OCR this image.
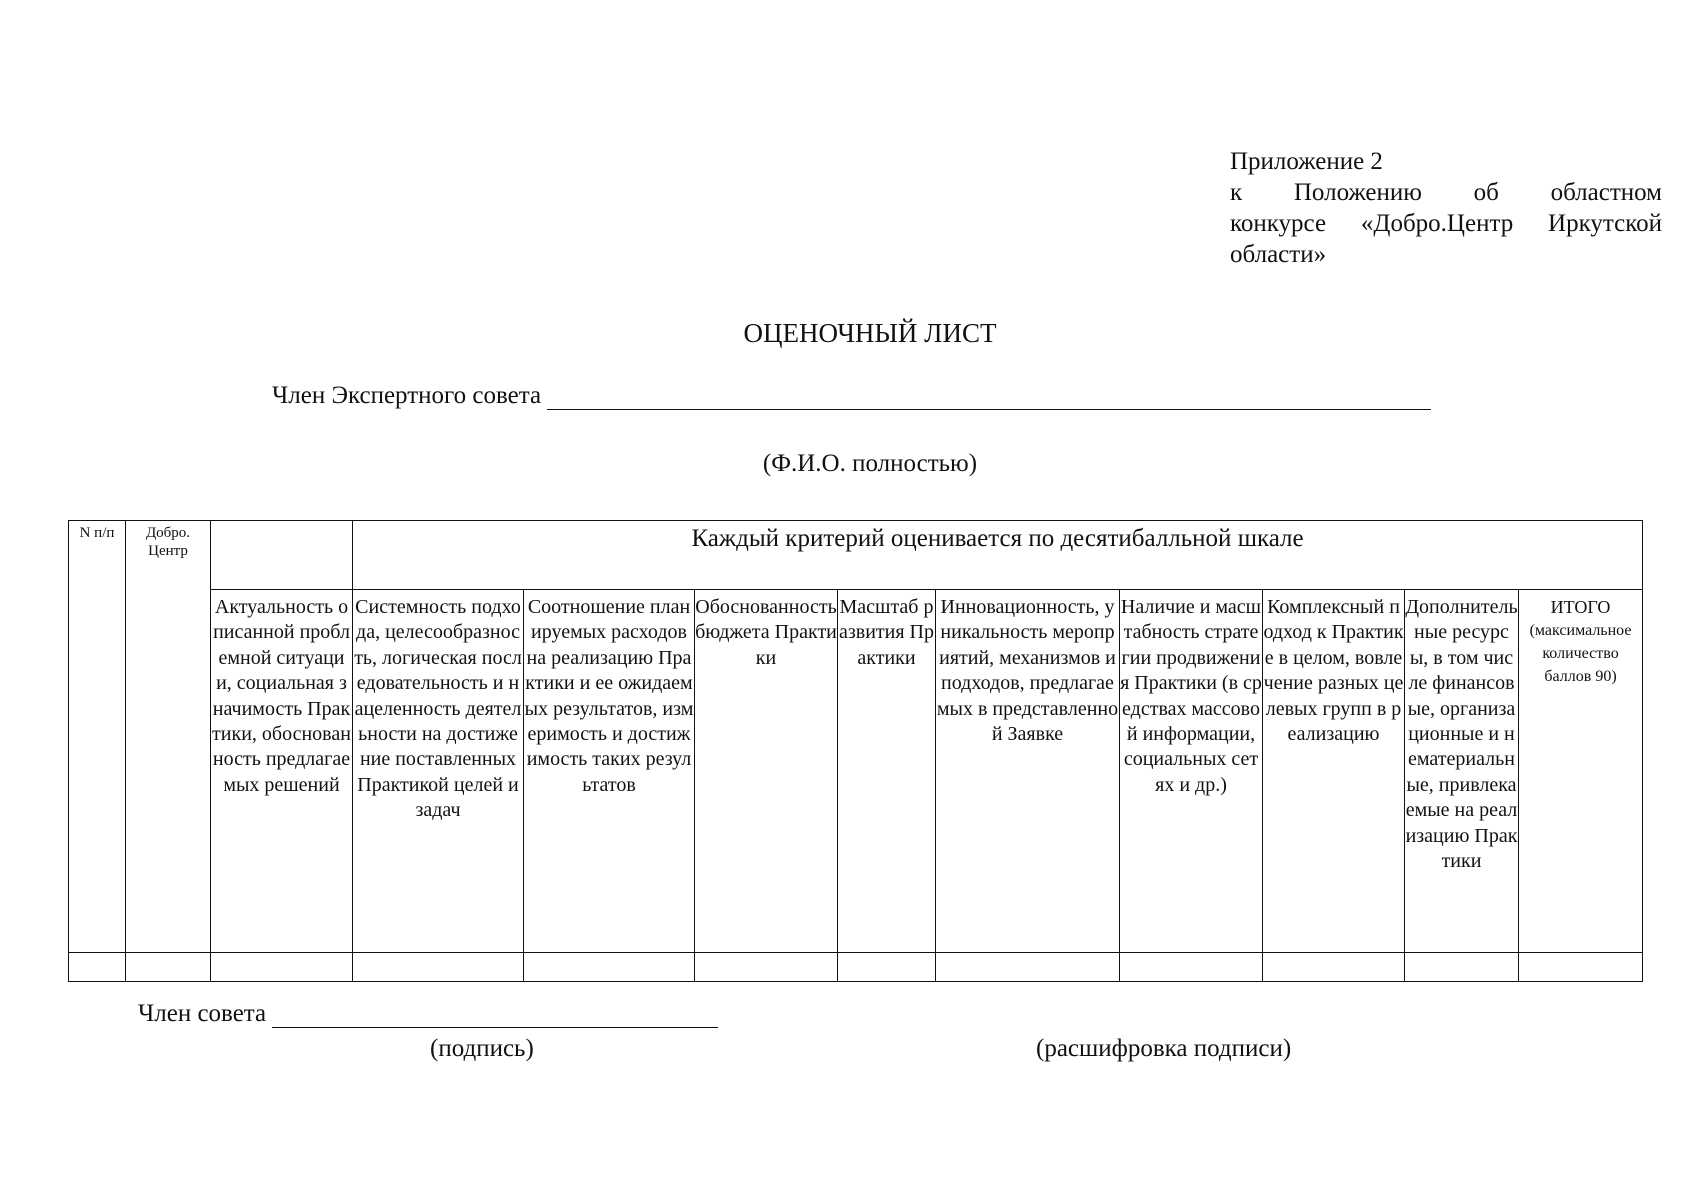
Приложение 2
к Положению об областном
конкурсе «Добро.Центр Иркутской
области»
ОЦЕНОЧНЫЙ ЛИСТ
Член Экспертного совета
(Ф.И.О. полностью)
N п/п	Добро. Центр		Каждый критерий оценивается по десятибалльной шкале								
		Актуальность описанной проблемной ситуации, социальная значимость Практики, обоснованность предлагаемых решений	Системность подхода, целесообразность, логическая последовательность и нацеленность деятельности на достижение поставленных Практикой целей и задач	Соотношение планируемых расходов на реализацию Практики и ее ожидаемых результатов, измеримость и достижимость таких результатов	Обоснованность бюджета Практики	Масштаб развития Практики	Инновационность, уникальность мероприятий, механизмов и подходов, предлагаемых в представленной Заявке	Наличие и масштабность стратегии продвижения Практики (в средствах массовой информации, социальных сетях и др.)	Комплексный подход к Практике в целом, вовлечение разных целевых групп в реализацию	Дополнительные ресурсы, в том числе финансовые, организационные и нематериальные, привлекаемые на реализацию Практики	ИТОГО
(максимальное количество баллов 90)

Член совета
(подпись)	(расшифровка подписи)
